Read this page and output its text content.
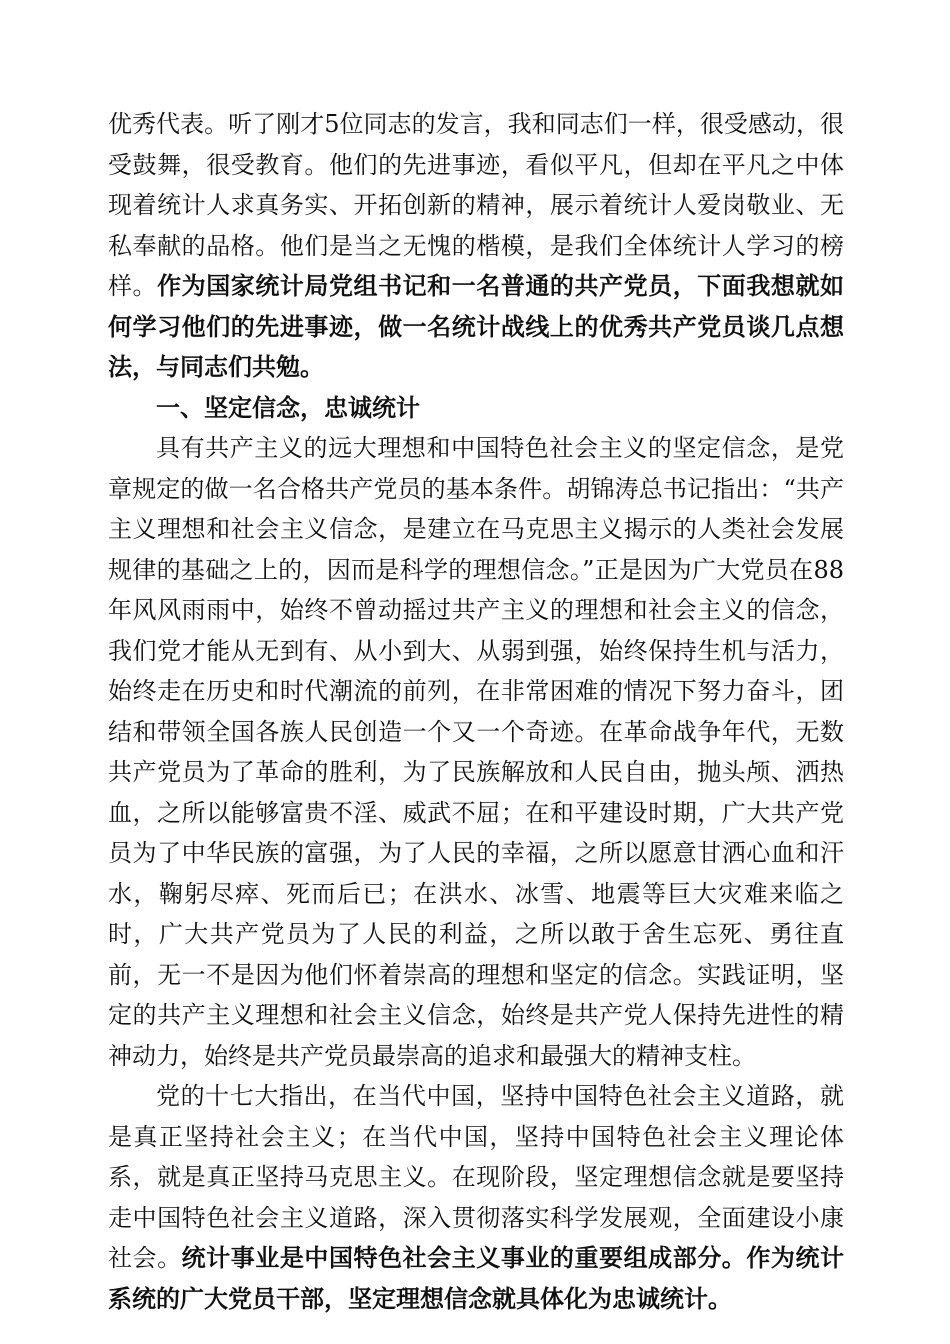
优秀代表。听了刚才5位同志的发言，我和同志们一样，很受感动，很受鼓舞，很受教育。他们的先进事迹，看似平凡，但却在平凡之中体现着统计人求真务实、开拓创新的精神，展示着统计人爱岗敬业、无私奉献的品格。他们是当之无愧的楷模，是我们全体统计人学习的榜样。作为国家统计局党组书记和一名普通的共产党员，下面我想就如何学习他们的先进事迹，做一名统计战线上的优秀共产党员谈几点想法，与同志们共勉。

一、坚定信念，忠诚统计

具有共产主义的远大理想和中国特色社会主义的坚定信念，是党章规定的做一名合格共产党员的基本条件。胡锦涛总书记指出：“共产主义理想和社会主义信念，是建立在马克思主义揭示的人类社会发展规律的基础之上的，因而是科学的理想信念。”正是因为广大党员在88年风风雨雨中，始终不曾动摇过共产主义的理想和社会主义的信念，我们党才能从无到有、从小到大、从弱到强，始终保持生机与活力，始终走在历史和时代潮流的前列，在非常困难的情况下努力奋斗，团结和带领全国各族人民创造一个又一个奇迹。在革命战争年代，无数共产党员为了革命的胜利，为了民族解放和人民自由，抛头颅、洒热血，之所以能够富贵不淫、威武不屈；在和平建设时期，广大共产党员为了中华民族的富强，为了人民的幸福，之所以愿意甘洒心血和汗水，鞠躬尽瘁、死而后已；在洪水、冰雪、地震等巨大灾难来临之时，广大共产党员为了人民的利益，之所以敢于舍生忘死、勇往直前，无一不是因为他们怀着崇高的理想和坚定的信念。实践证明，坚定的共产主义理想和社会主义信念，始终是共产党人保持先进性的精神动力，始终是共产党员最崇高的追求和最强大的精神支柱。

党的十七大指出，在当代中国，坚持中国特色社会主义道路，就是真正坚持社会主义；在当代中国，坚持中国特色社会主义理论体系，就是真正坚持马克思主义。在现阶段，坚定理想信念就是要坚持走中国特色社会主义道路，深入贯彻落实科学发展观，全面建设小康社会。统计事业是中国特色社会主义事业的重要组成部分。作为统计系统的广大党员干部，坚定理想信念就具体化为忠诚统计。
